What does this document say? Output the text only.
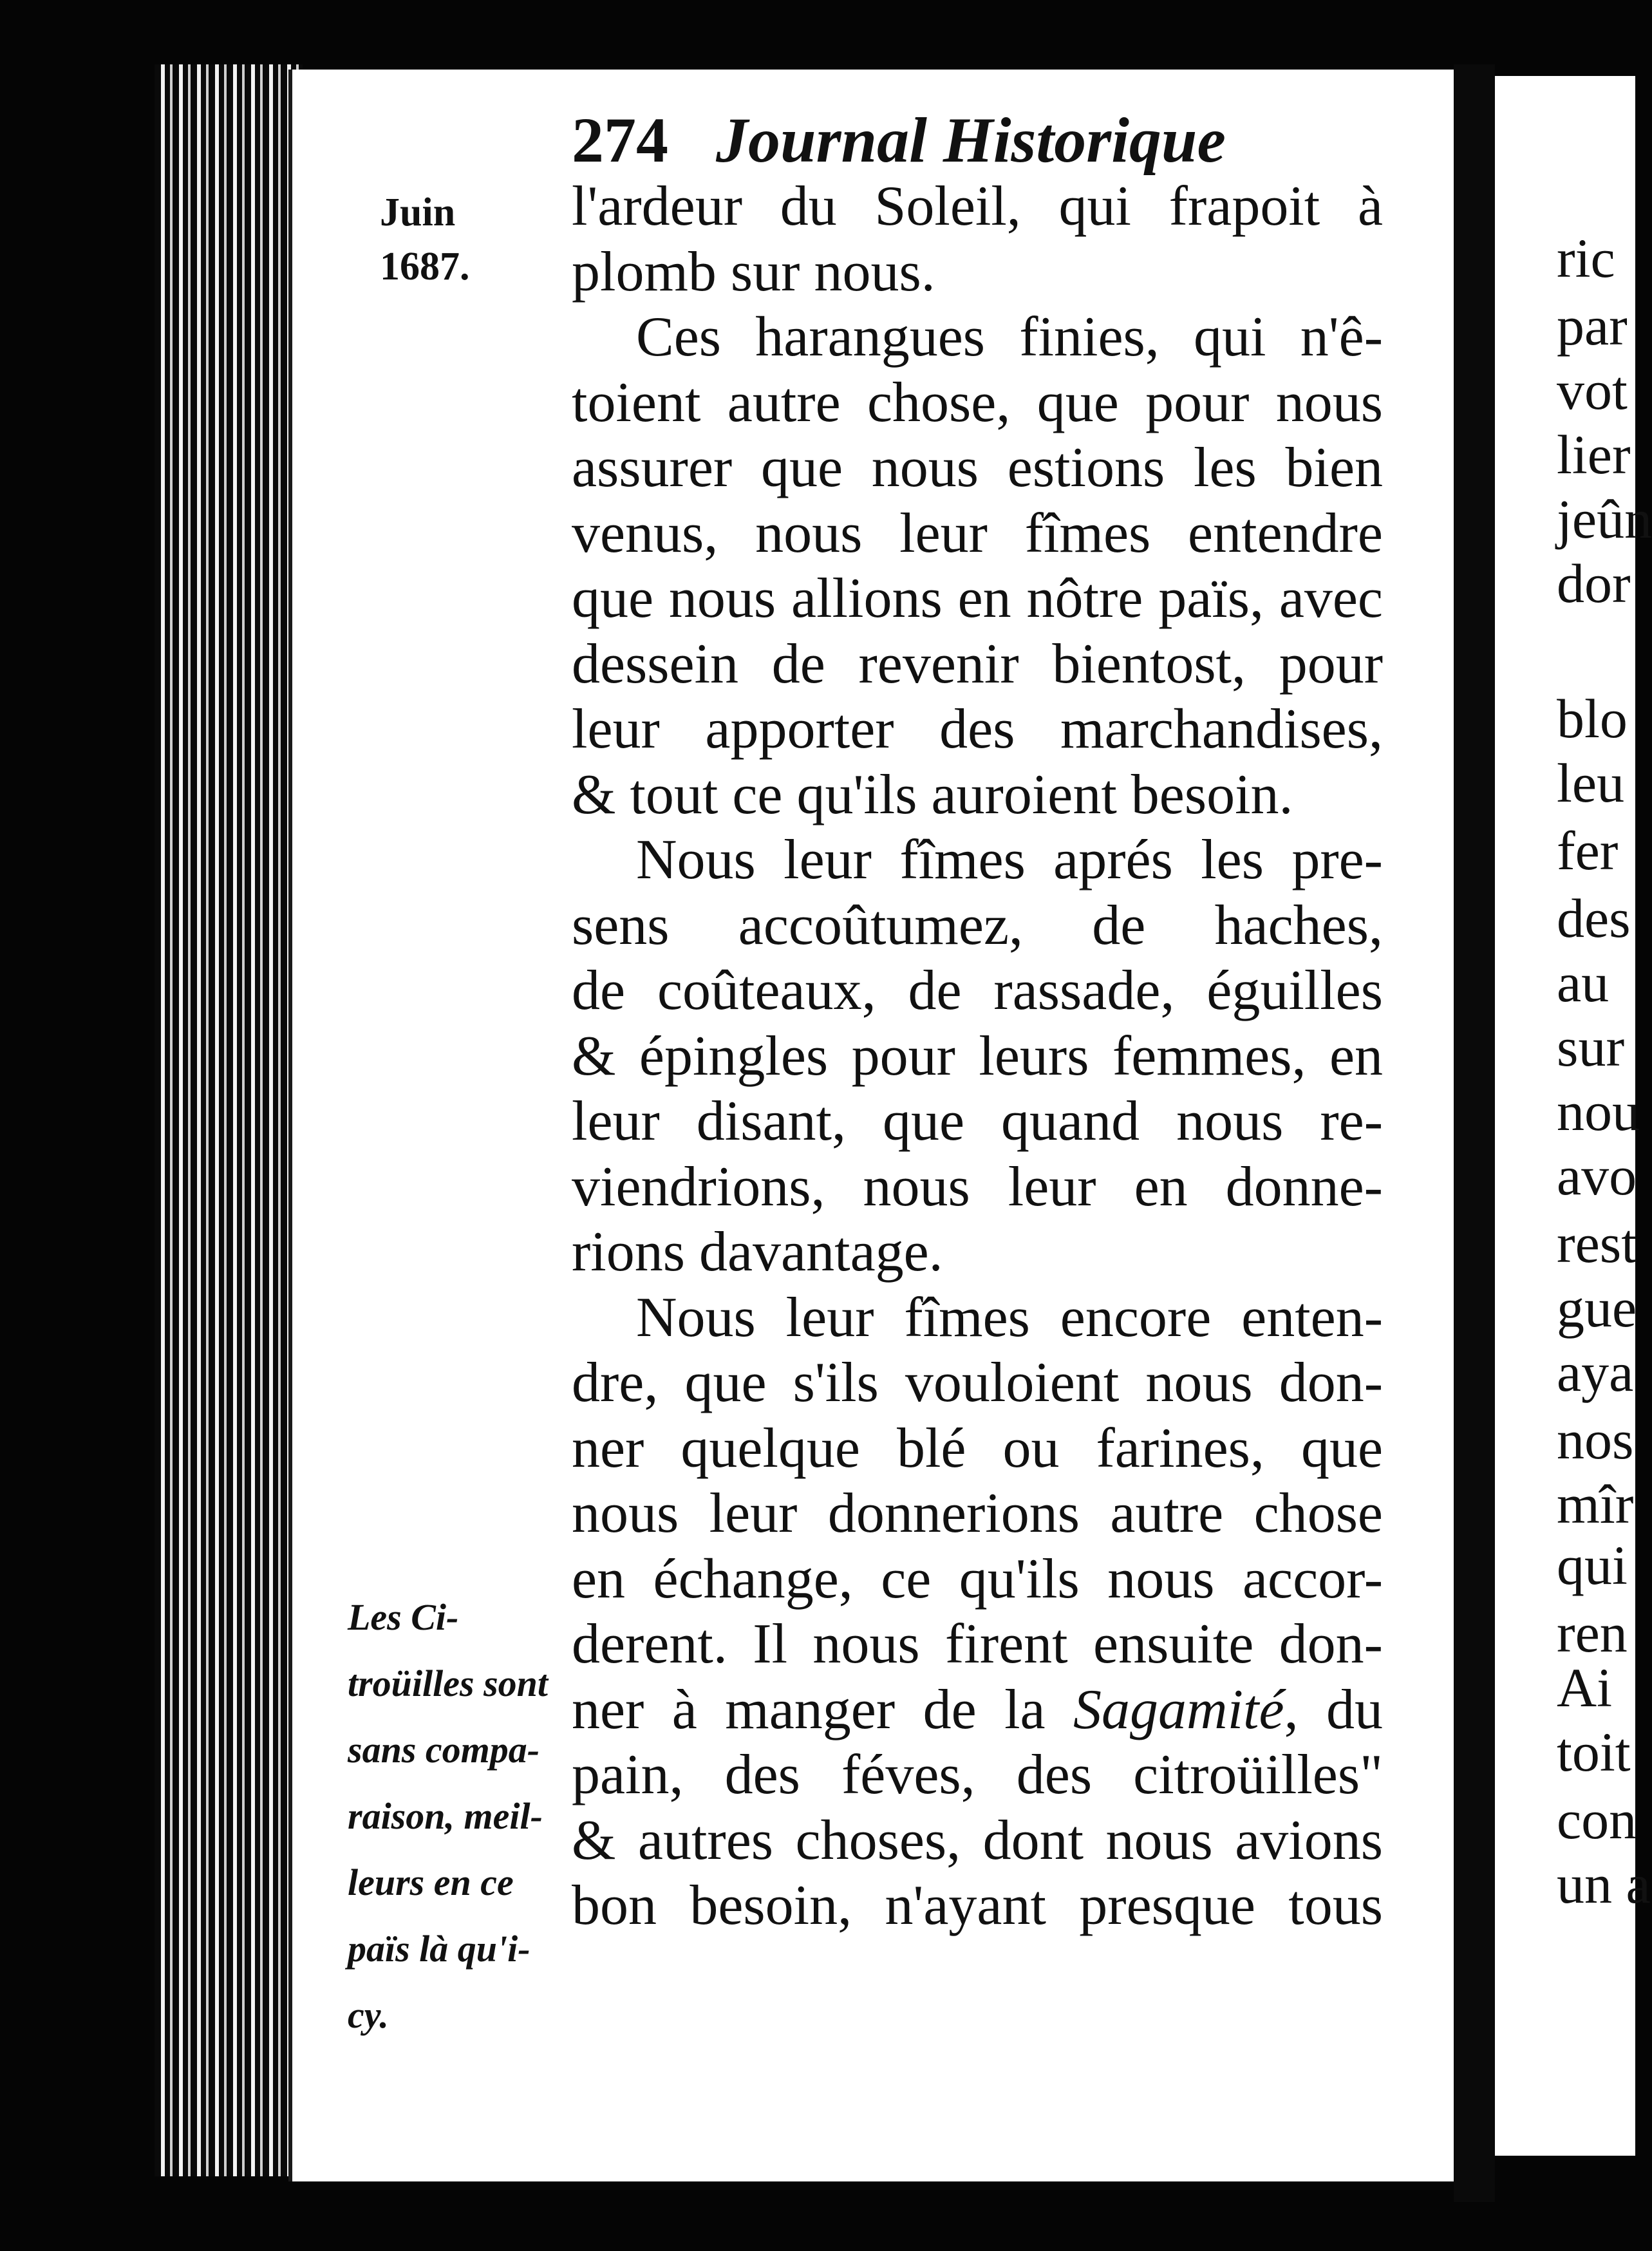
ric
par
vot
lier
jeûn
dor
blo
leu
fer
des
au
sur
nou
avo
rest
gue
aya
nos
mîr
qui
ren
Ai
toit
con
un a
274 Journal Historique
Juin
1687.
Les Ci-
troüilles sont
sans compa-
raison, meil-
leurs en ce
païs là qu'i-
cy.
l'ardeur du Soleil, qui frapoit à
plomb sur nous.
Ces harangues finies, qui n'ê-
toient autre chose, que pour nous
assurer que nous estions les bien
venus, nous leur fîmes entendre
que nous allions en nôtre païs, avec
dessein de revenir bientost, pour
leur apporter des marchandises,
& tout ce qu'ils auroient besoin.
Nous leur fîmes aprés les pre-
sens accoûtumez, de haches,
de coûteaux, de rassade, éguilles
& épingles pour leurs femmes, en
leur disant, que quand nous re-
viendrions, nous leur en donne-
rions davantage.
Nous leur fîmes encore enten-
dre, que s'ils vouloient nous don-
ner quelque blé ou farines, que
nous leur donnerions autre chose
en échange, ce qu'ils nous accor-
derent. Il nous firent ensuite don-
ner à manger de la Sagamité, du
pain, des féves, des citroüilles"
& autres choses, dont nous avions
bon besoin, n'ayant presque tous
